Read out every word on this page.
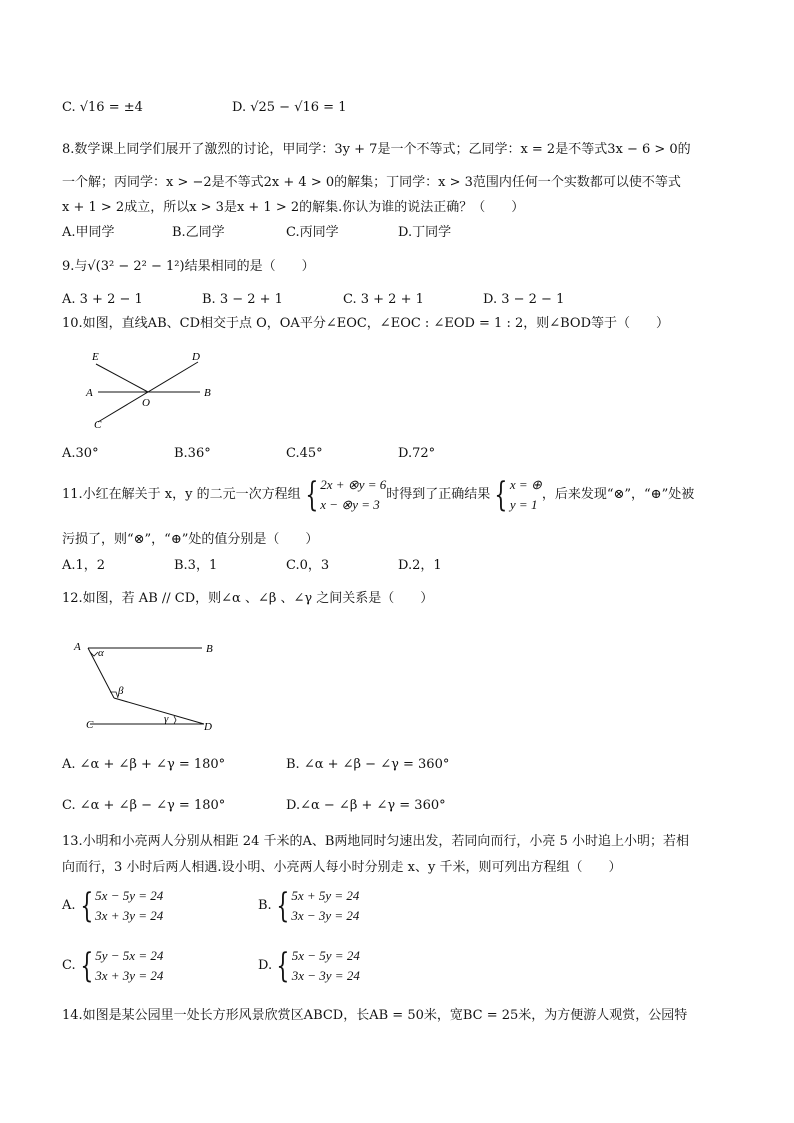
C. √16 = ±4	D. √25 − √16 = 1
8.数学课上同学们展开了激烈的讨论，甲同学：3y + 7是一个不等式；乙同学：x = 2是不等式3x − 6 > 0的
一个解；丙同学：x > −2是不等式2x + 4 > 0的解集；丁同学：x > 3范围内任何一个实数都可以使不等式
x + 1 > 2成立，所以x > 3是x + 1 > 2的解集.你认为谁的说法正确？（　　）
A.甲同学	B.乙同学	C.丙同学	D.丁同学
9.与√(3² − 2² − 1²)结果相同的是（　　）
A. 3 + 2 − 1	B. 3 − 2 + 1	C. 3 + 2 + 1	D. 3 − 2 − 1
10.如图，直线AB、CD相交于点 O，OA平分∠EOC，∠EOC : ∠EOD = 1 : 2，则∠BOD等于（　　）
E	D
A
O
B
C
A.30°	B.36°	C.45°	D.72°
11.小红在解关于 x，y 的二元一次方程组 { 2x + ⊗y = 6
x − ⊗y = 3
时得到了正确结果 { x = ⊕
y = 1
，后来发现“⊗”，“⊕”处被
污损了，则“⊗”，“⊕”处的值分别是（　　）
A.1，2	B.3，1	C.0，3	D.2，1
12.如图，若 AB // CD，则∠α 、∠β 、∠γ 之间关系是（　　）
A	B
C	D
α
β
γ
A. ∠α + ∠β + ∠γ = 180°	B. ∠α + ∠β − ∠γ = 360°
C. ∠α + ∠β − ∠γ = 180°	D.∠α − ∠β + ∠γ = 360°
13.小明和小亮两人分别从相距 24 千米的A、B两地同时匀速出发，若同向而行，小亮 5 小时追上小明；若相
向而行，3 小时后两人相遇.设小明、小亮两人每小时分别走 x、y 千米，则可列出方程组（　　）
A. { 5x − 5y = 24
3x + 3y = 24
B. { 5x + 5y = 24
3x − 3y = 24
C. { 5y − 5x = 24
3x + 3y = 24
D. { 5x − 5y = 24
3x − 3y = 24
14.如图是某公园里一处长方形风景欣赏区ABCD，长AB = 50米，宽BC = 25米，为方便游人观赏，公园特
